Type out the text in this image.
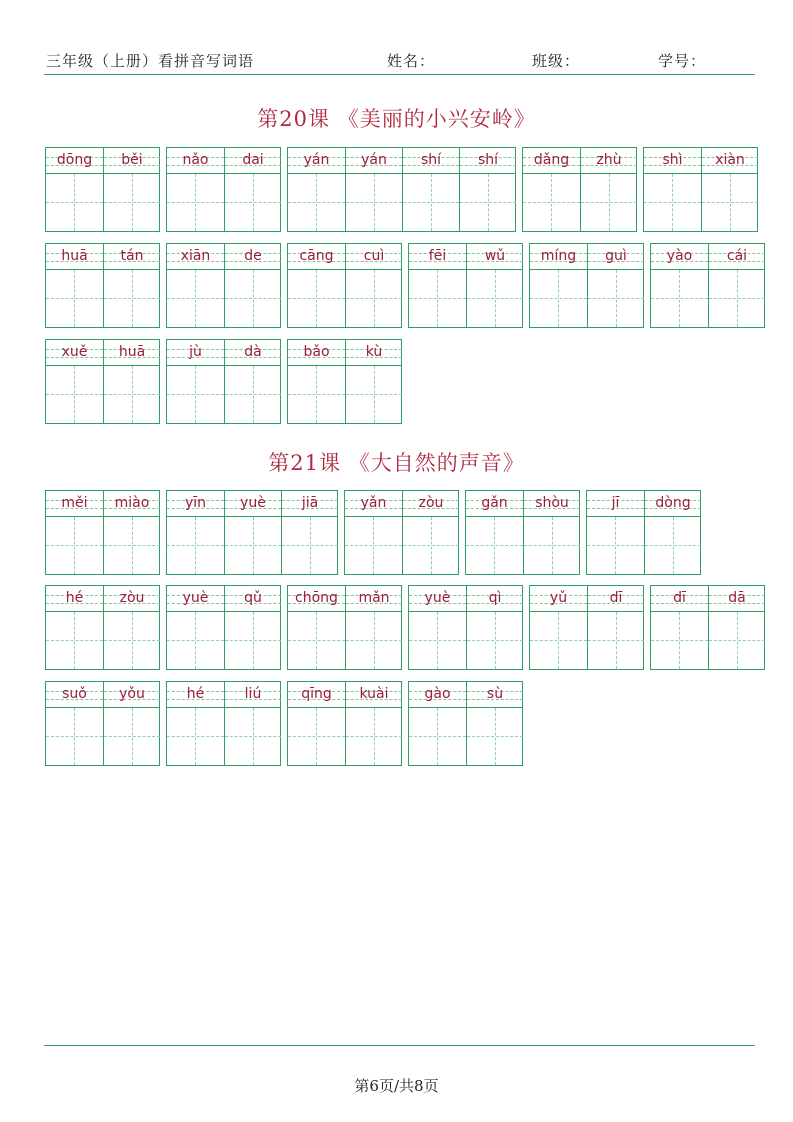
三年级（上册）看拼音写词语	姓名：	班级：	学号：
第20课 《美丽的小兴安岭》
dōng	běi	nǎo	dai	yán	yán	shí	shí	dǎng	zhù	shì	xiàn
huā	tán	xiān	de	cāng	cuì	fēi	wǔ	míng	guì	yào	cái
xuě	huā	jù	dà	bǎo	kù
第21课 《大自然的声音》
měi	miào	yīn	yuè	jiā	yǎn	zòu	gǎn	shòu	jī	dòng
hé	zòu	yuè	qǔ	chōng	mǎn	yuè	qì	yǔ	dī	dī	dā
suǒ	yǒu	hé	liú	qīng	kuài	gào	sù
第6页/共8页
